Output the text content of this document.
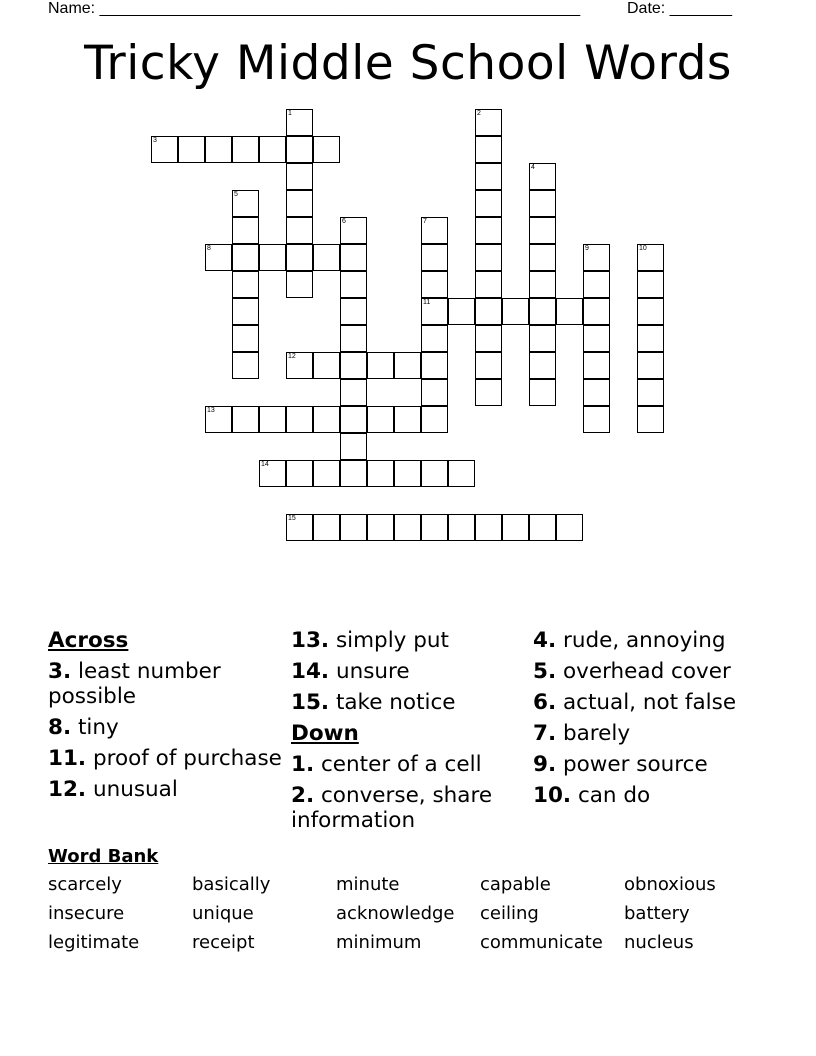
Name: ______________________________________________________	Date: _______
Tricky Middle School Words
3
8
11
12
13
14
15
1	2
4
5
6	7
9	10
Across
3. least number possible
8. tiny
11. proof of purchase
12. unusual
13. simply put
14. unsure
15. take notice
Down
1. center of a cell
2. converse, share information
4. rude, annoying
5. overhead cover
6. actual, not false
7. barely
9. power source
10. can do
Word Bank
scarcely	basically	minute	capable	obnoxious
insecure	unique	acknowledge	ceiling	battery
legitimate	receipt	minimum	communicate	nucleus
